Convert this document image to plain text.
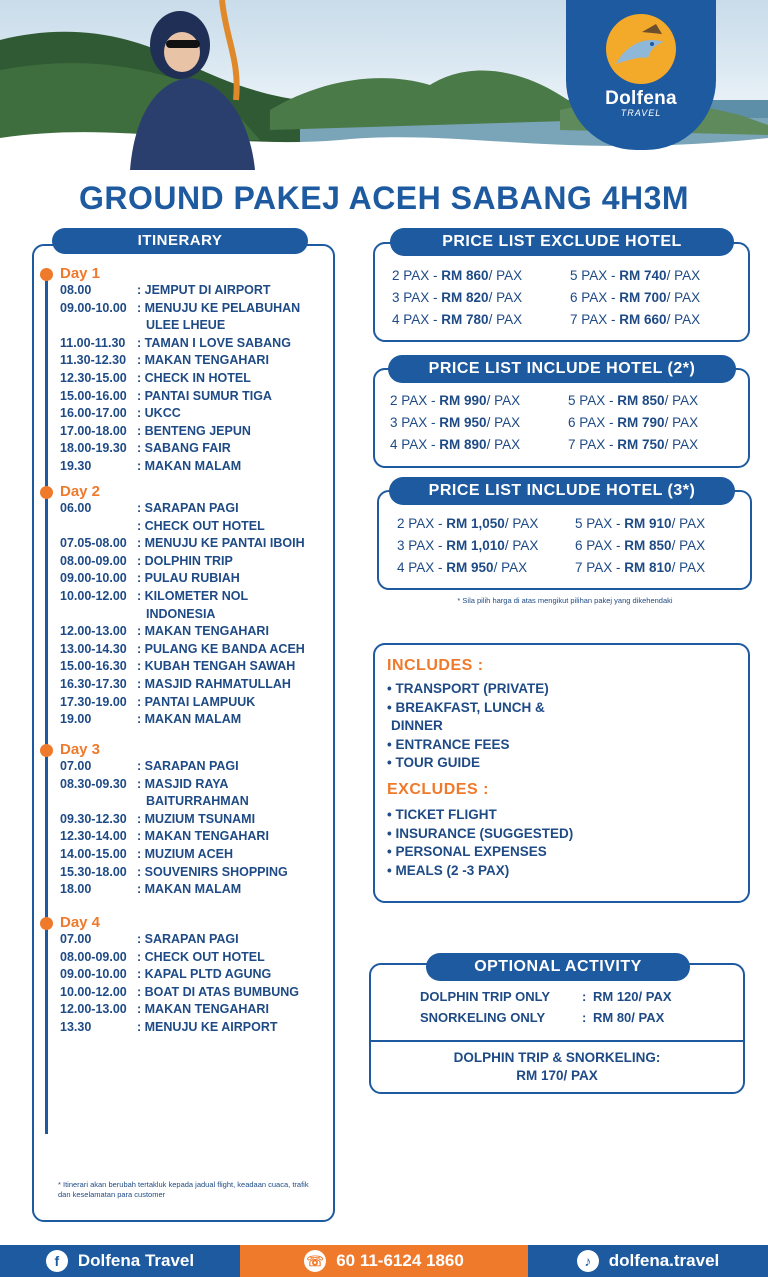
Dolfena
TRAVEL
GROUND PAKEJ ACEH SABANG 4H3M
ITINERARY
Day 1
08.00	: JEMPUT DI AIRPORT
09.00-10.00 : MENUJU KE PELABUHAN
ULEE LHEUE
11.00-11.30 : TAMAN I LOVE SABANG
11.30-12.30 : MAKAN TENGAHARI
12.30-15.00 : CHECK IN HOTEL
15.00-16.00 : PANTAI SUMUR TIGA
16.00-17.00 : UKCC
17.00-18.00 : BENTENG JEPUN
18.00-19.30 : SABANG FAIR
19.30	: MAKAN MALAM
Day 2
06.00	: SARAPAN PAGI
: CHECK OUT HOTEL
07.05-08.00 : MENUJU KE PANTAI IBOIH
08.00-09.00 : DOLPHIN TRIP
09.00-10.00 : PULAU RUBIAH
10.00-12.00 : KILOMETER NOL
INDONESIA
12.00-13.00 : MAKAN TENGAHARI
13.00-14.30 : PULANG KE BANDA ACEH
15.00-16.30 : KUBAH TENGAH SAWAH
16.30-17.30 : MASJID RAHMATULLAH
17.30-19.00 : PANTAI LAMPUUK
19.00	: MAKAN MALAM
Day 3
07.00	: SARAPAN PAGI
08.30-09.30 : MASJID RAYA
BAITURRAHMAN
09.30-12.30 : MUZIUM TSUNAMI
12.30-14.00 : MAKAN TENGAHARI
14.00-15.00 : MUZIUM ACEH
15.30-18.00 : SOUVENIRS SHOPPING
18.00	: MAKAN MALAM
Day 4
07.00	: SARAPAN PAGI
08.00-09.00 : CHECK OUT HOTEL
09.00-10.00 : KAPAL PLTD AGUNG
10.00-12.00 : BOAT DI ATAS BUMBUNG
12.00-13.00 : MAKAN TENGAHARI
13.30	: MENUJU KE AIRPORT
* Itinerari akan berubah tertakluk kepada jadual flight, keadaan cuaca, trafik dan keselamatan para customer
PRICE LIST EXCLUDE HOTEL
2 PAX - RM 860/ PAX
3 PAX - RM 820/ PAX
4 PAX - RM 780/ PAX
5 PAX - RM 740/ PAX
6 PAX - RM 700/ PAX
7 PAX - RM 660/ PAX
PRICE LIST INCLUDE HOTEL (2*)
2 PAX - RM 990/ PAX
3 PAX - RM 950/ PAX
4 PAX - RM 890/ PAX
5 PAX - RM 850/ PAX
6 PAX - RM 790/ PAX
7 PAX - RM 750/ PAX
PRICE LIST INCLUDE HOTEL (3*)
2 PAX - RM 1,050/ PAX
3 PAX - RM 1,010/ PAX
4 PAX - RM 950/ PAX
5 PAX - RM 910/ PAX
6 PAX - RM 850/ PAX
7 PAX - RM 810/ PAX
* Sila pilih harga di atas mengikut pilihan pakej yang dikehendaki
INCLUDES :
• TRANSPORT (PRIVATE)
• BREAKFAST, LUNCH &
DINNER
• ENTRANCE FEES
• TOUR GUIDE
EXCLUDES :
• TICKET FLIGHT
• INSURANCE (SUGGESTED)
• PERSONAL EXPENSES
• MEALS (2 -3 PAX)
OPTIONAL ACTIVITY
DOLPHIN TRIP ONLY : RM 120/ PAX
SNORKELING ONLY	: RM 80/ PAX
DOLPHIN TRIP & SNORKELING:
RM 170/ PAX
f	Dolfena Travel	☏ 60 11-6124 1860	♪	dolfena.travel
